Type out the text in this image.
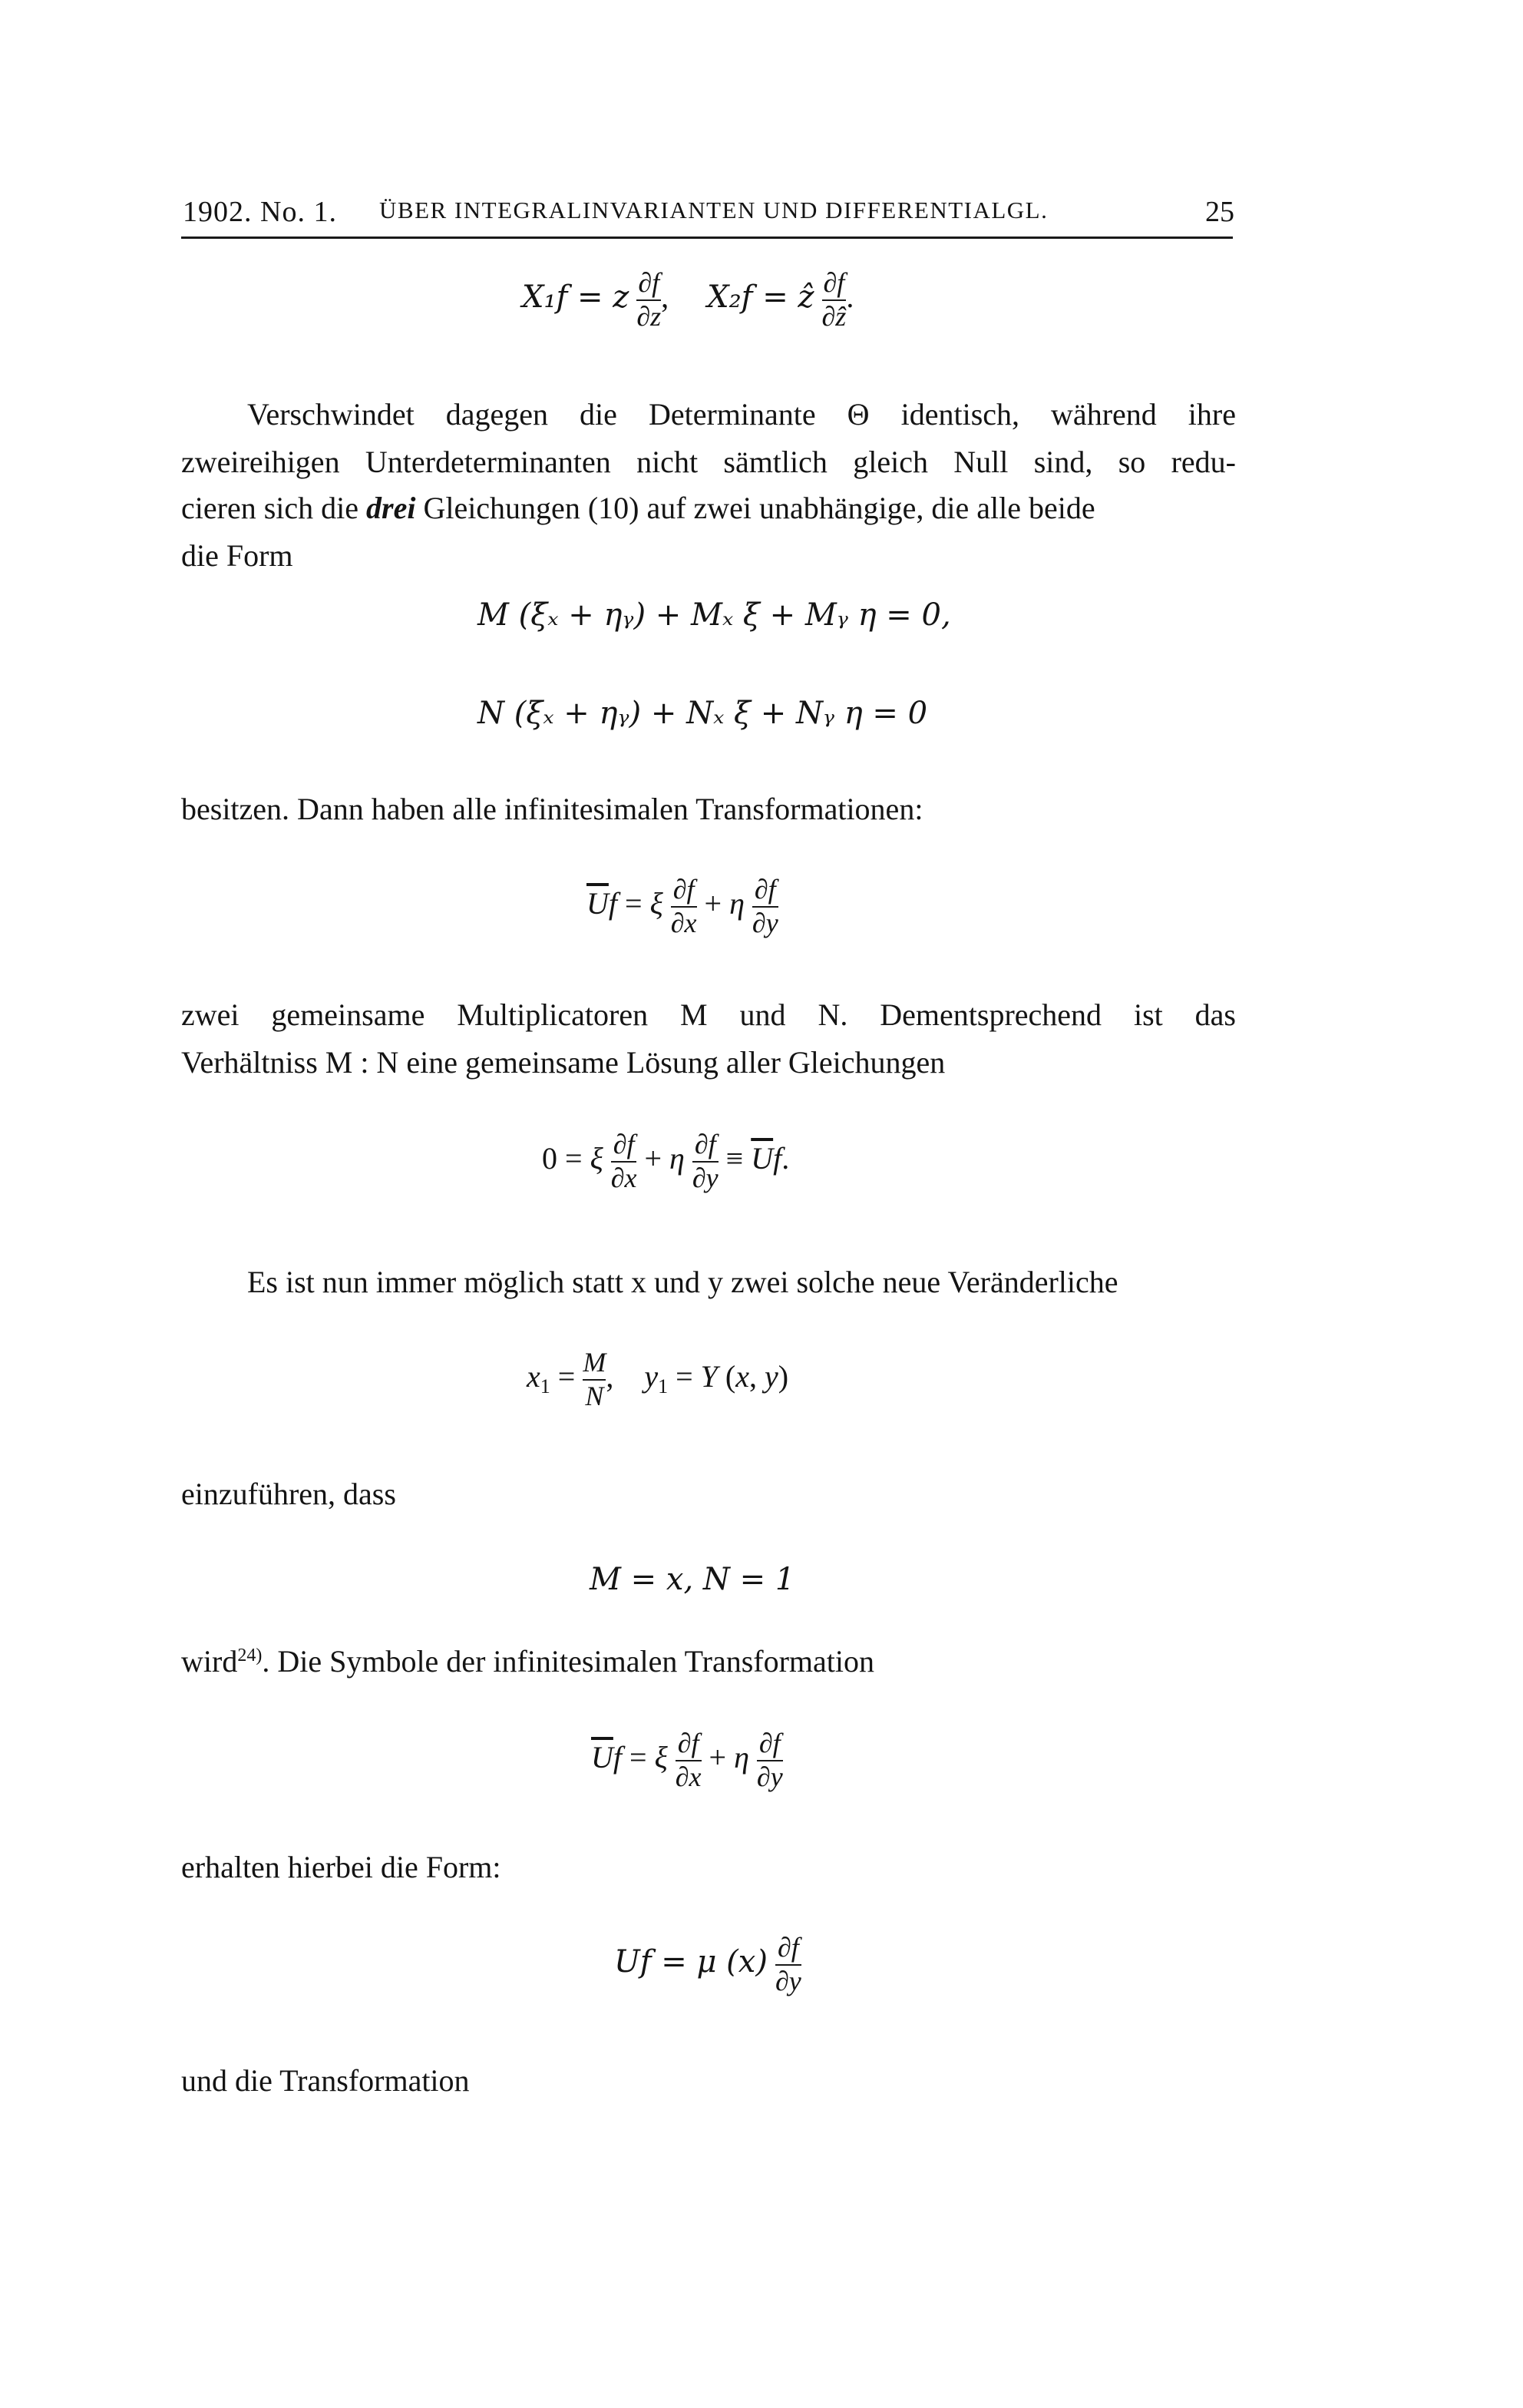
1902. No. 1. ÜBER INTEGRALINVARIANTEN UND DIFFERENTIALGL.	25
X₁f = z $\frac{\partial f}{\partial z}$ ,     X₂f = ẑ $\frac{\partial f}{\text{∂ẑ}}$ .
Verschwindet dagegen die Determinante Θ identisch, während ihre
zweireihigen Unterdeterminanten nicht sämtlich gleich Null sind, so redu-
cieren sich die drei Gleichungen (10) auf zwei unabhängige, die alle beide
die Form
M (ξₓ + ηᵧ) + Mₓ ξ + Mᵧ η = 0,
N (ξₓ + ηᵧ) + Nₓ ξ + Nᵧ η = 0
besitzen. Dann haben alle infinitesimalen Transformationen:
$\overline{U}f = \xi \frac{\partial f}{\partial x} + \eta \frac{\partial f}{\partial y}$
zwei gemeinsame Multiplicatoren M und N. Dementsprechend ist das
Verhältniss M : N eine gemeinsame Lösung aller Gleichungen
0 = ξ $\frac{\partial f}{\partial x} + \eta \frac{\partial f}{\partial y} \equiv \overline{U}f$.
Es ist nun immer möglich statt x und y zwei solche neue Veränderliche
$x_1 = \frac{M}{N}$ ,    $y_1 = Y$ (x, y)
einzuführen, dass
M = x, N = 1
wird$^{24)}$. Die Symbole der infinitesimalen Transformation
$\overline{U}f = \xi \frac{\partial f}{\partial x} + \eta \frac{\partial f}{\partial y}$
erhalten hierbei die Form:
Uf = μ $(x) \frac{\partial f}{\partial y}$
und die Transformation
